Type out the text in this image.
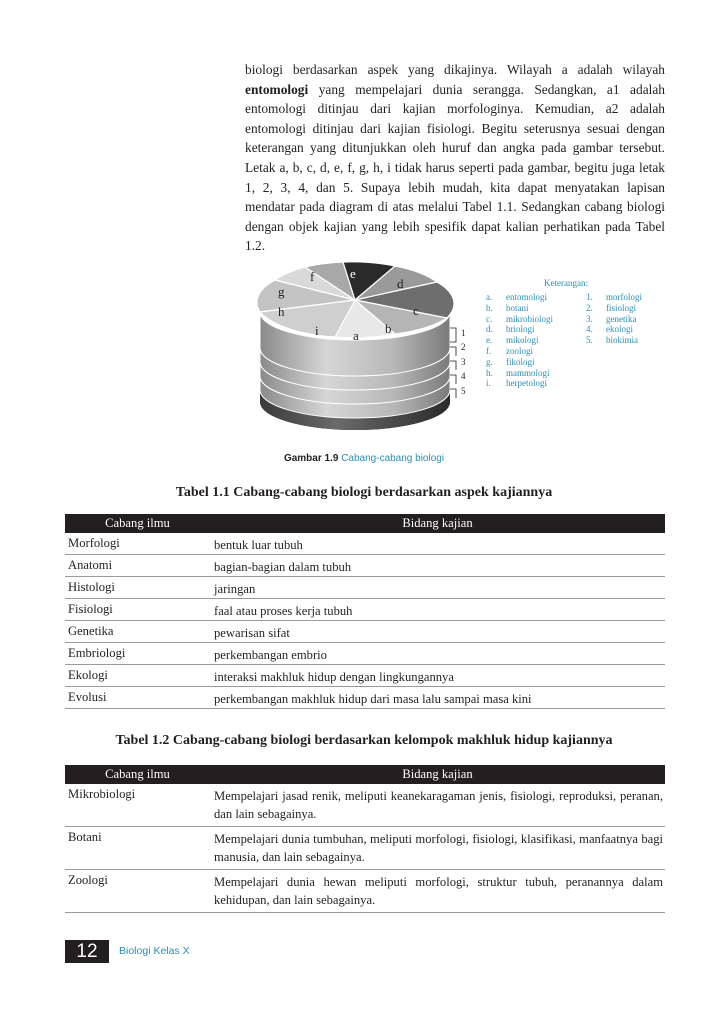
biologi berdasarkan aspek yang dikajinya. Wilayah a adalah wilayah entomologi yang mempelajari dunia serangga. Sedangkan, a1 adalah entomologi ditinjau dari kajian morfologinya. Kemudian, a2 adalah entomologi ditinjau dari kajian fisiologi. Begitu seterusnya sesuai dengan keterangan yang ditunjukkan oleh huruf dan angka pada gambar tersebut. Letak a, b, c, d, e, f, g, h, i tidak harus seperti pada gambar, begitu juga letak 1, 2, 3, 4, dan 5. Supaya lebih mudah, kita dapat menyatakan lapisan mendatar pada diagram di atas melalui Tabel 1.1. Sedangkan cabang biologi dengan objek kajian yang lebih spesifik dapat kalian perhatikan pada Tabel 1.2.

e
f	d
g
c
h
b
i	a	1
2
3
4
5
Keterangan:
a. entomologi
b. botani
c. mikrobiologi
d. briologi
e. mikologi
f. zoologi
g. fikologi
h. mammologi
i. herpetologi
1. morfologi
2. fisiologi
3. genetika
4. ekologi
5. biokimia
Gambar 1.9 Cabang-cabang biologi
Tabel 1.1 Cabang-cabang biologi berdasarkan aspek kajiannya
Cabang ilmu	Bidang kajian
Morfologi	bentuk luar tubuh
Anatomi	bagian-bagian dalam tubuh
Histologi	jaringan
Fisiologi	faal atau proses kerja tubuh
Genetika	pewarisan sifat
Embriologi	perkembangan embrio
Ekologi	interaksi makhluk hidup dengan lingkungannya
Evolusi	perkembangan makhluk hidup dari masa lalu sampai masa kini
Tabel 1.2 Cabang-cabang biologi berdasarkan kelompok makhluk hidup kajiannya
Cabang ilmu	Bidang kajian
Mikrobiologi	Mempelajari jasad renik, meliputi keanekaragaman jenis, fisiologi, reproduksi, peranan, dan lain sebagainya.
Botani	Mempelajari dunia tumbuhan, meliputi morfologi, fisiologi, klasifikasi, manfaatnya bagi manusia, dan lain sebagainya.
Zoologi	Mempelajari dunia hewan meliputi morfologi, struktur tubuh, peranannya dalam kehidupan, dan lain sebagainya.
12	Biologi Kelas X
